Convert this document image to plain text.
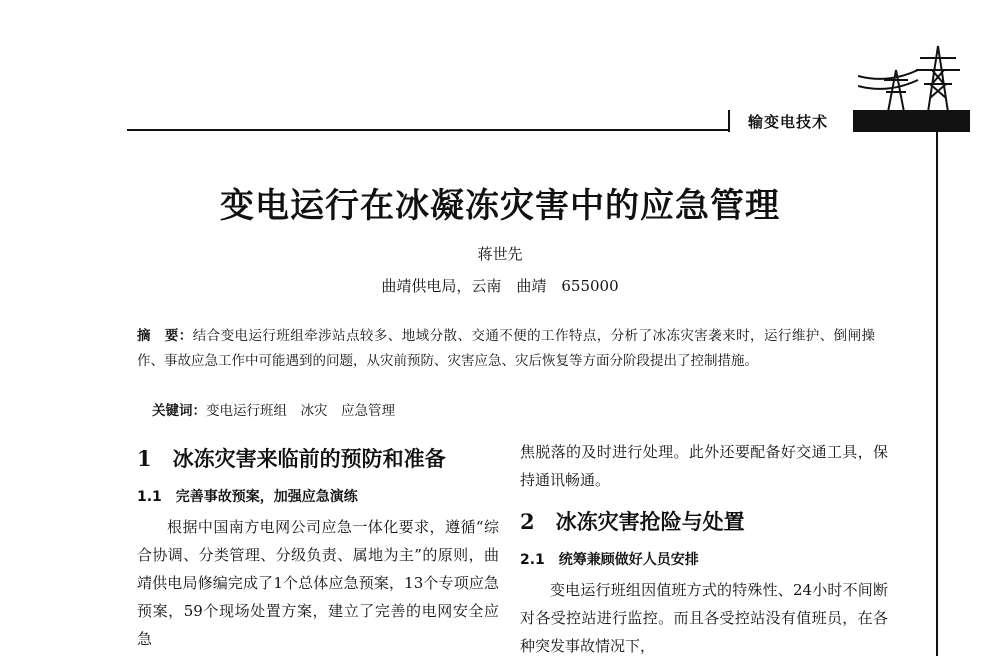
输变电技术
变电运行在冰凝冻灾害中的应急管理
蒋世先
曲靖供电局，云南　曲靖　655000
摘　要：结合变电运行班组牵涉站点较多、地域分散、交通不便的工作特点，分析了冰冻灾害袭来时，运行维护、倒闸操作、事故应急工作中可能遇到的问题，从灾前预防、灾害应急、灾后恢复等方面分阶段提出了控制措施。
关键词：变电运行班组　冰灾　应急管理
1　冰冻灾害来临前的预防和准备
1.1　完善事故预案，加强应急演练
根据中国南方电网公司应急一体化要求，遵循“综合协调、分类管理、分级负责、属地为主”的原则，曲靖供电局修编完成了1个总体应急预案，13个专项应急预案，59个现场处置方案，建立了完善的电网安全应急
焦脱落的及时进行处理。此外还要配备好交通工具，保持通讯畅通。
2　冰冻灾害抢险与处置
2.1　统筹兼顾做好人员安排
变电运行班组因值班方式的特殊性、24小时不间断对各受控站进行监控。而且各受控站没有值班员，在各种突发事故情况下，
